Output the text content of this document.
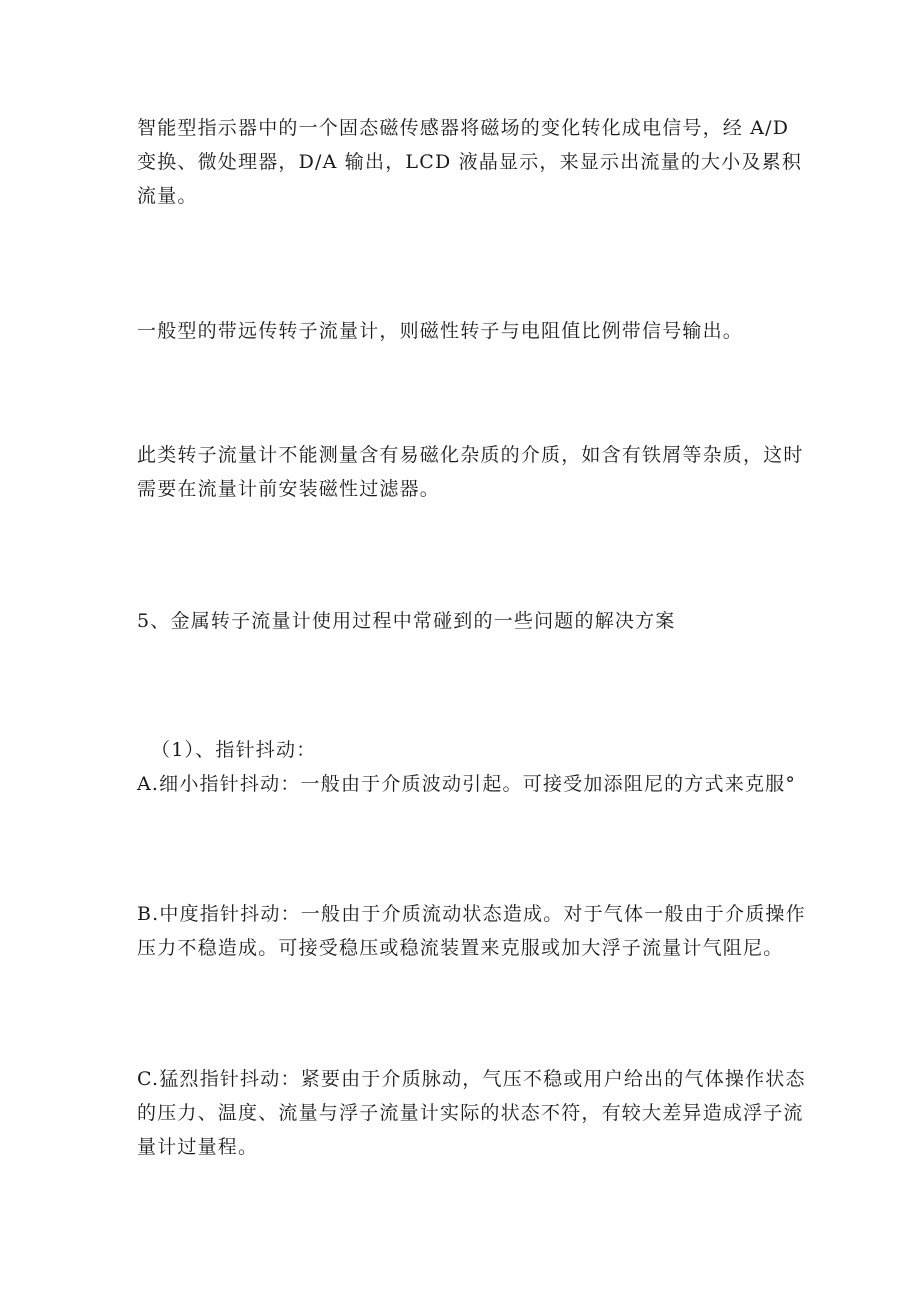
智能型指示器中的一个固态磁传感器将磁场的变化转化成电信号，经 A/D
变换、微处理器，D/A 输出，LCD 液晶显示，来显示出流量的大小及累积
流量。

一般型的带远传转子流量计，则磁性转子与电阻值比例带信号输出。

此类转子流量计不能测量含有易磁化杂质的介质，如含有铁屑等杂质，这时
需要在流量计前安装磁性过滤器。

5、金属转子流量计使用过程中常碰到的一些问题的解决方案

（1）、指针抖动：
A.细小指针抖动：一般由于介质波动引起。可接受加添阻尼的方式来克服°

B.中度指针抖动：一般由于介质流动状态造成。对于气体一般由于介质操作
压力不稳造成。可接受稳压或稳流装置来克服或加大浮子流量计气阻尼。

C.猛烈指针抖动：紧要由于介质脉动，气压不稳或用户给出的气体操作状态
的压力、温度、流量与浮子流量计实际的状态不符，有较大差异造成浮子流
量计过量程。
